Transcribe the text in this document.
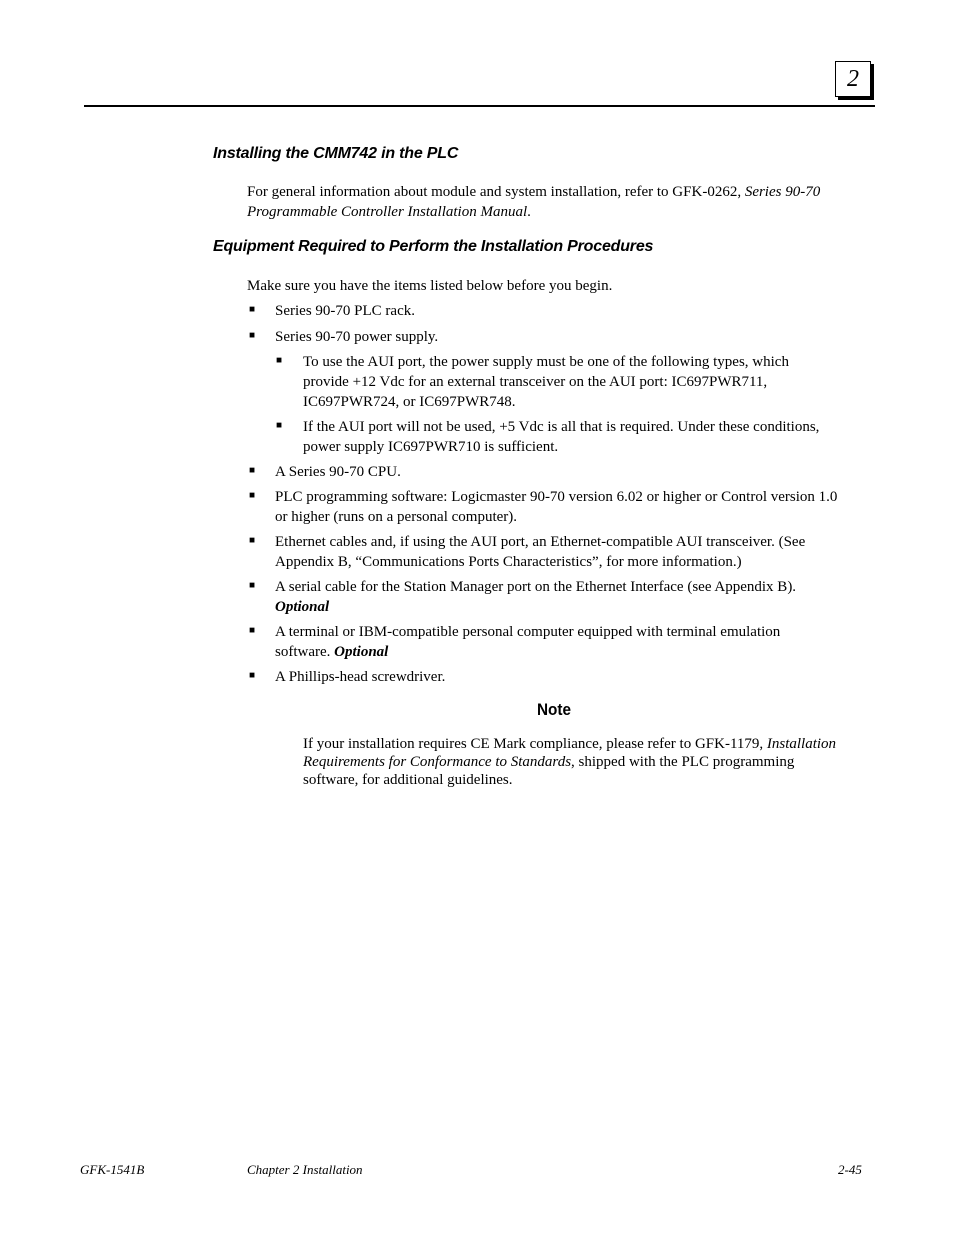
2
Installing the CMM742 in the PLC

For general information about module and system installation, refer to GFK-0262, Series 90-70 Programmable Controller Installation Manual.

Equipment Required to Perform the Installation Procedures

Make sure you have the items listed below before you begin.

■ Series 90-70 PLC rack.

■ Series 90-70 power supply.

■ To use the AUI port, the power supply must be one of the following types, which provide +12 Vdc for an external transceiver on the AUI port: IC697PWR711, IC697PWR724, or IC697PWR748.

■ If the AUI port will not be used, +5 Vdc is all that is required. Under these conditions, power supply IC697PWR710 is sufficient.

■ A Series 90-70 CPU.

■ PLC programming software: Logicmaster 90-70 version 6.02 or higher or Control version 1.0 or higher (runs on a personal computer).

■ Ethernet cables and, if using the AUI port, an Ethernet-compatible AUI transceiver. (See Appendix B, “Communications Ports Characteristics”, for more information.)

■ A serial cable for the Station Manager port on the Ethernet Interface (see Appendix B).
Optional

■ A terminal or IBM-compatible personal computer equipped with terminal emulation software. Optional

■ A Phillips-head screwdriver.

Note

If your installation requires CE Mark compliance, please refer to GFK-1179, Installation Requirements for Conformance to Standards, shipped with the PLC programming software, for additional guidelines.

GFK-1541B	Chapter 2 Installation	2-45
